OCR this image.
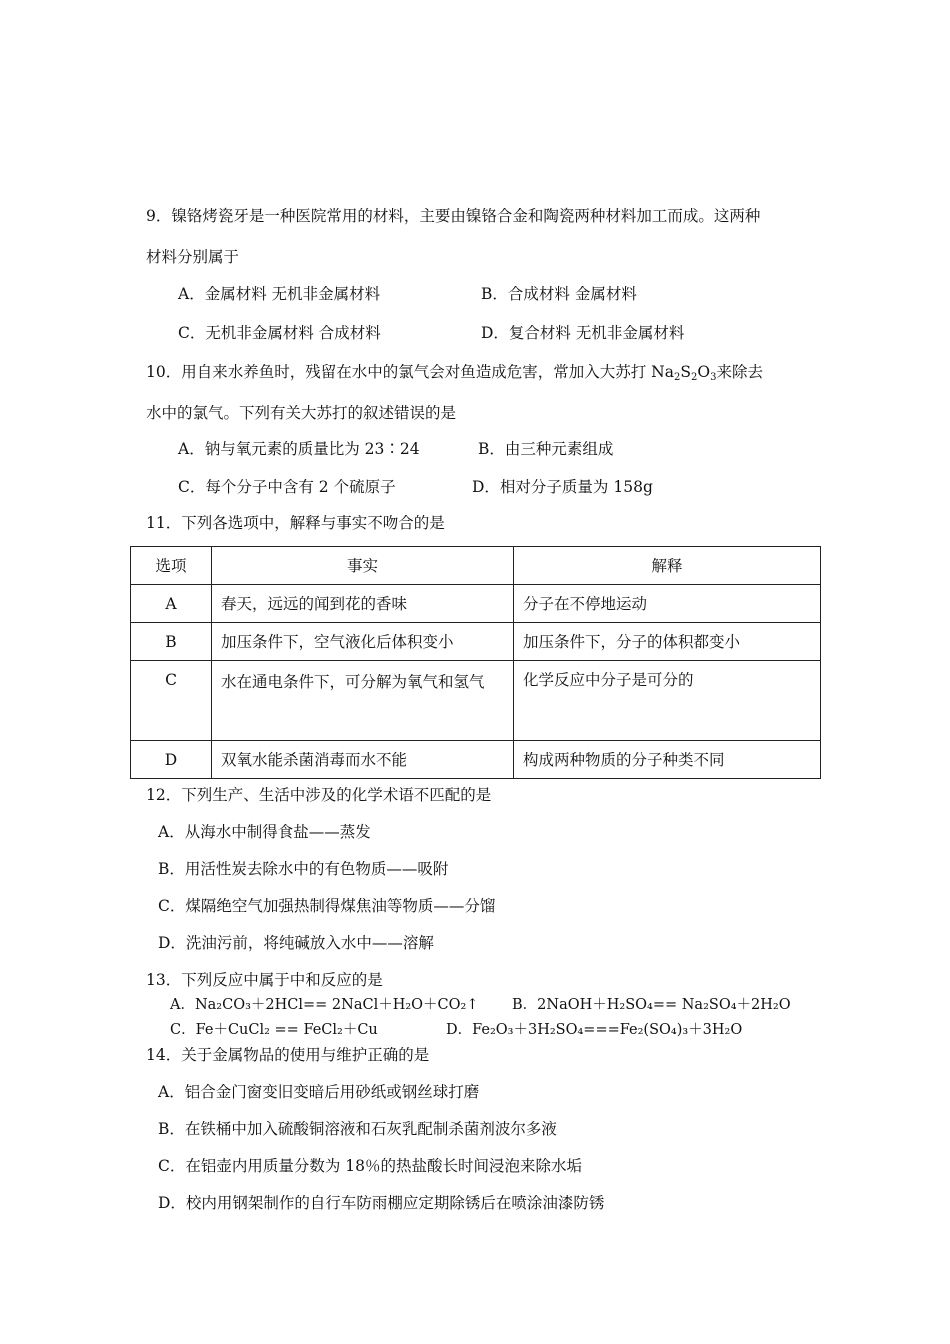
9．镍铬烤瓷牙是一种医院常用的材料，主要由镍铬合金和陶瓷两种材料加工而成。这两种
材料分别属于
A．金属材料 无机非金属材料	B．合成材料 金属材料
C．无机非金属材料 合成材料	D．复合材料 无机非金属材料
10．用自来水养鱼时，残留在水中的氯气会对鱼造成危害，常加入大苏打 $Na_2S_2O_3$来除去
水中的氯气。下列有关大苏打的叙述错误的是
A．钠与氧元素的质量比为 23∶24	B．由三种元素组成
C．每个分子中含有 2 个硫原子	D．相对分子质量为 158g
11．下列各选项中，解释与事实不吻合的是
选项	事实	解释
A	春天，远远的闻到花的香味	分子在不停地运动
B	加压条件下，空气液化后体积变小	加压条件下，分子的体积都变小
C	水在通电条件下，可分解为氧气和氢气	化学反应中分子是可分的
D	双氧水能杀菌消毒而水不能	构成两种物质的分子种类不同
12．下列生产、生活中涉及的化学术语不匹配的是
A．从海水中制得食盐——蒸发
B．用活性炭去除水中的有色物质——吸附
C．煤隔绝空气加强热制得煤焦油等物质——分馏
D．洗油污前，将纯碱放入水中——溶解
13．下列反应中属于中和反应的是
A．Na₂CO₃＋2HCl== 2NaCl＋H₂O＋CO₂↑ B．2NaOH＋H₂SO₄== Na₂SO₄＋2H₂O
C．Fe＋CuCl₂ == FeCl₂＋Cu	D．Fe₂O₃＋3H₂SO₄===Fe₂(SO₄)₃＋3H₂O
14．关于金属物品的使用与维护正确的是
A．铝合金门窗变旧变暗后用砂纸或钢丝球打磨
B．在铁桶中加入硫酸铜溶液和石灰乳配制杀菌剂波尔多液
C．在铝壶内用质量分数为 18％的热盐酸长时间浸泡来除水垢
D．校内用钢架制作的自行车防雨棚应定期除锈后在喷涂油漆防锈
